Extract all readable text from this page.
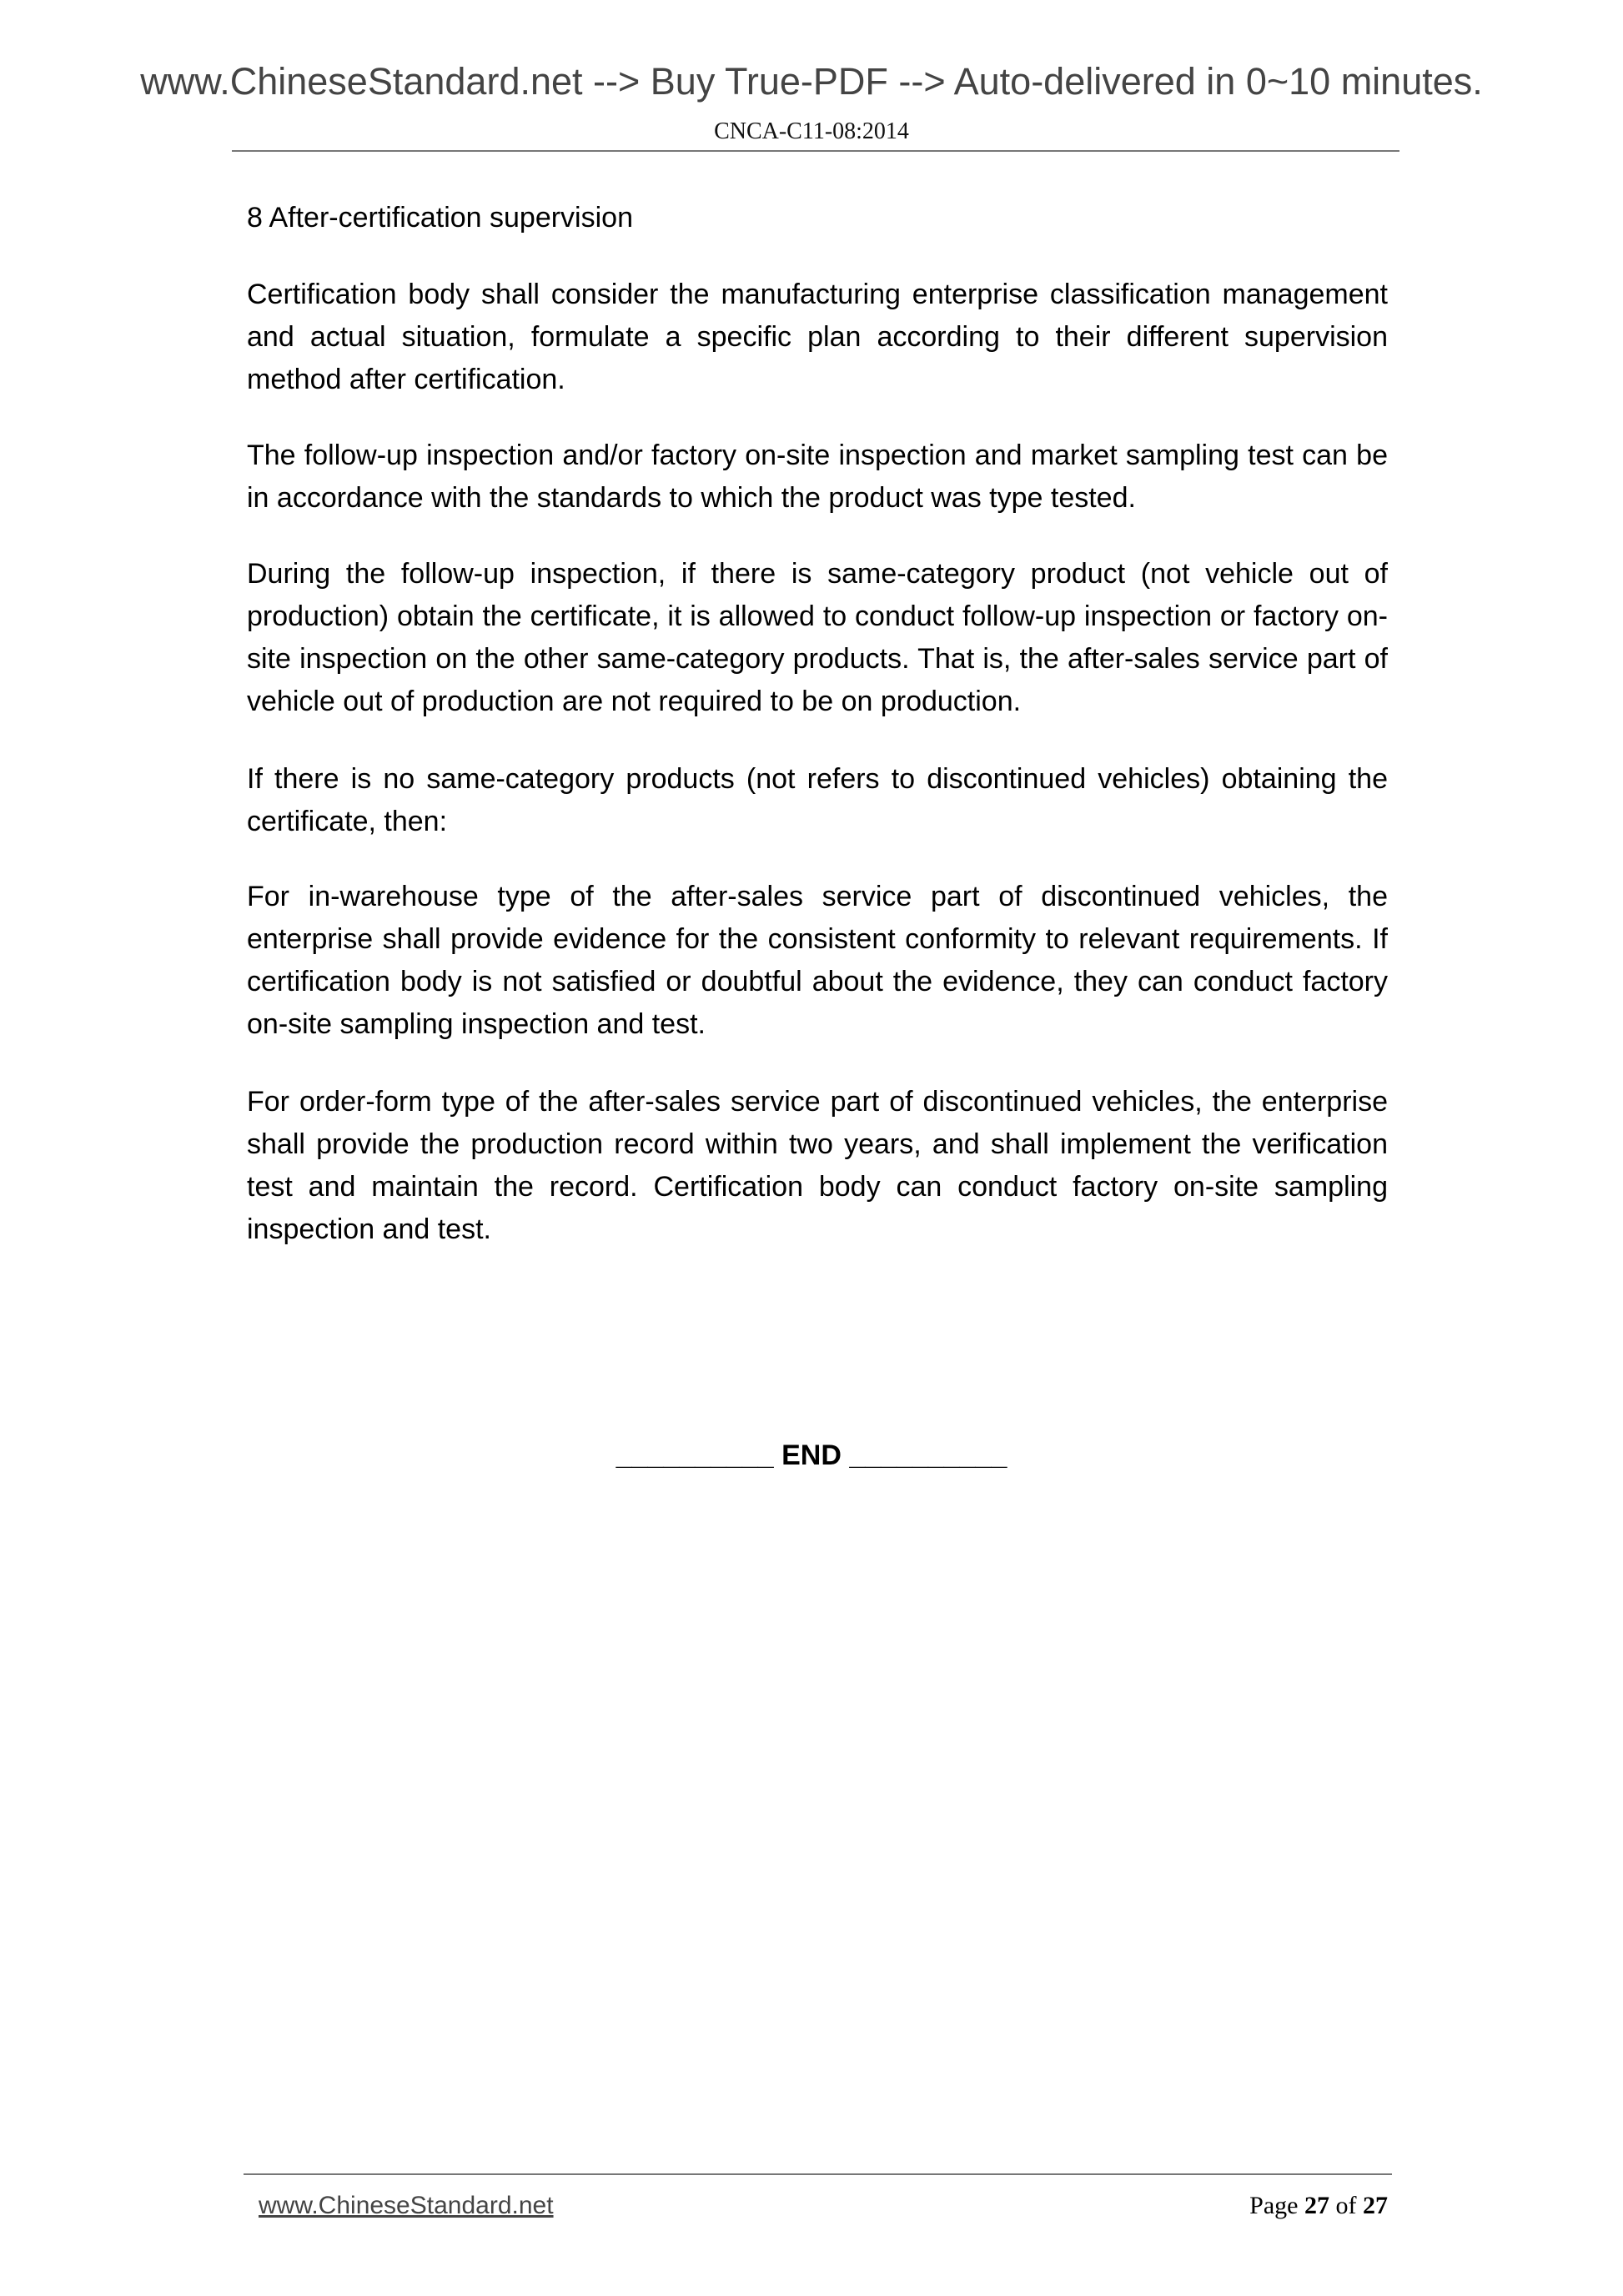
www.ChineseStandard.net --> Buy True-PDF --> Auto-delivered in 0~10 minutes.
CNCA-C11-08:2014

8 After-certification supervision

Certification body shall consider the manufacturing enterprise classification management and actual situation, formulate a specific plan according to their different supervision method after certification.

The follow-up inspection and/or factory on-site inspection and market sampling test can be in accordance with the standards to which the product was type tested.

During the follow-up inspection, if there is same-category product (not vehicle out of production) obtain the certificate, it is allowed to conduct follow-up inspection or factory on-site inspection on the other same-category products. That is, the after-sales service part of vehicle out of production are not required to be on production.

If there is no same-category products (not refers to discontinued vehicles) obtaining the certificate, then:

For in-warehouse type of the after-sales service part of discontinued vehicles, the enterprise shall provide evidence for the consistent conformity to relevant requirements. If certification body is not satisfied or doubtful about the evidence, they can conduct factory on-site sampling inspection and test.

For order-form type of the after-sales service part of discontinued vehicles, the enterprise shall provide the production record within two years, and shall implement the verification test and maintain the record. Certification body can conduct factory on-site sampling inspection and test.

__________ END __________
www.ChineseStandard.net	Page 27 of 27
